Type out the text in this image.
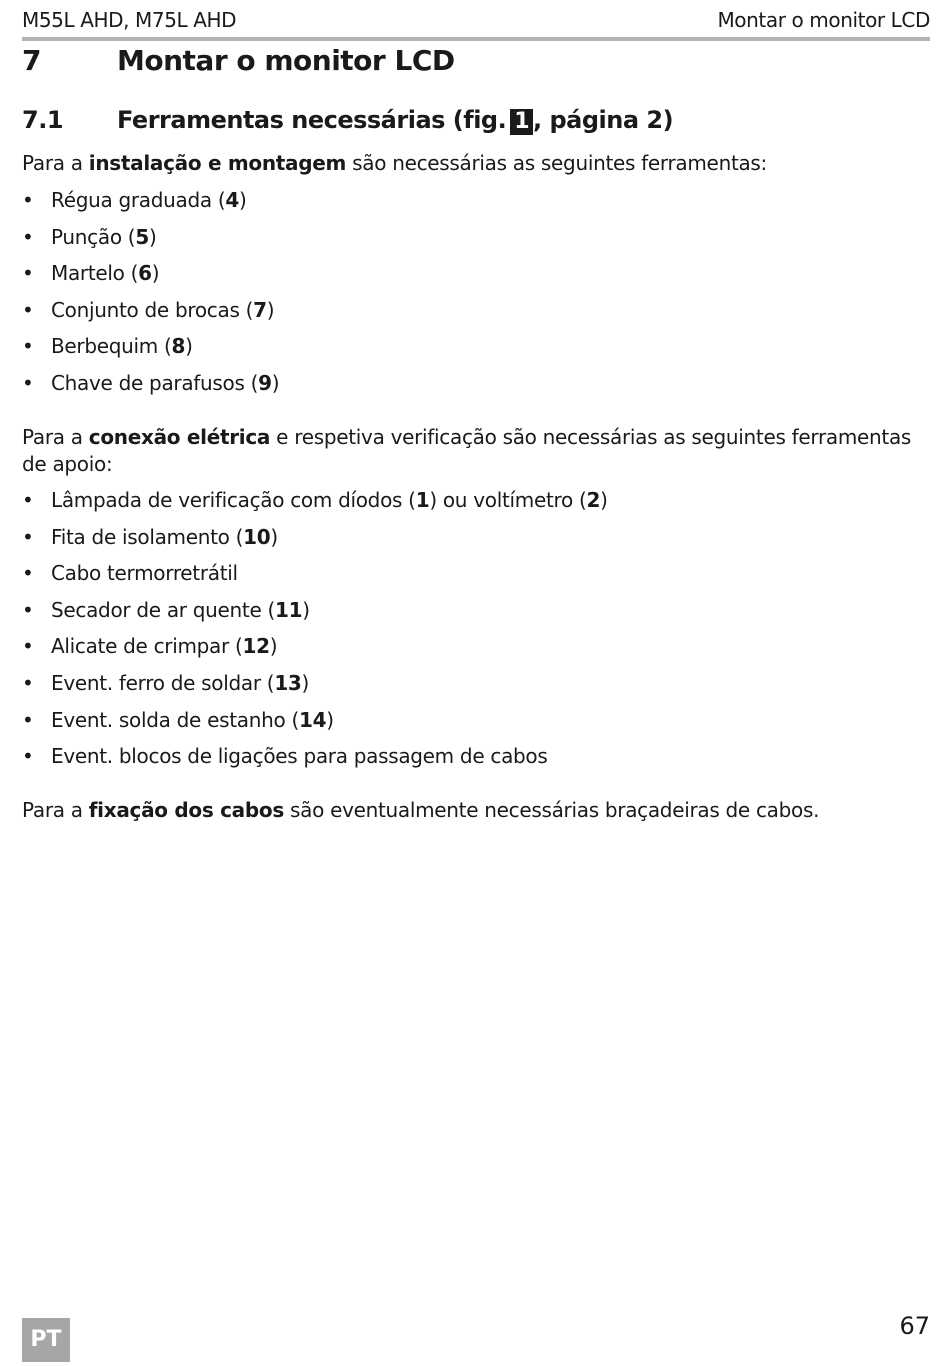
M55L AHD, M75L AHD	Montar o monitor LCD
7	Montar o monitor LCD
7.1 Ferramentas necessárias (fig. 1 , página 2)
Para a instalação e montagem são necessárias as seguintes ferramentas:
• Régua graduada (4)
• Punção (5)
• Martelo (6)
• Conjunto de brocas (7)
• Berbequim (8)
• Chave de parafusos (9)
Para a conexão elétrica e respetiva verificação são necessárias as seguintes ferramentas de apoio:
• Lâmpada de verificação com díodos (1) ou voltímetro (2)
• Fita de isolamento (10)
• Cabo termorretrátil
• Secador de ar quente (11)
• Alicate de crimpar (12)
• Event. ferro de soldar (13)
• Event. solda de estanho (14)
• Event. blocos de ligações para passagem de cabos
Para a fixação dos cabos são eventualmente necessárias braçadeiras de cabos.
PT	67
